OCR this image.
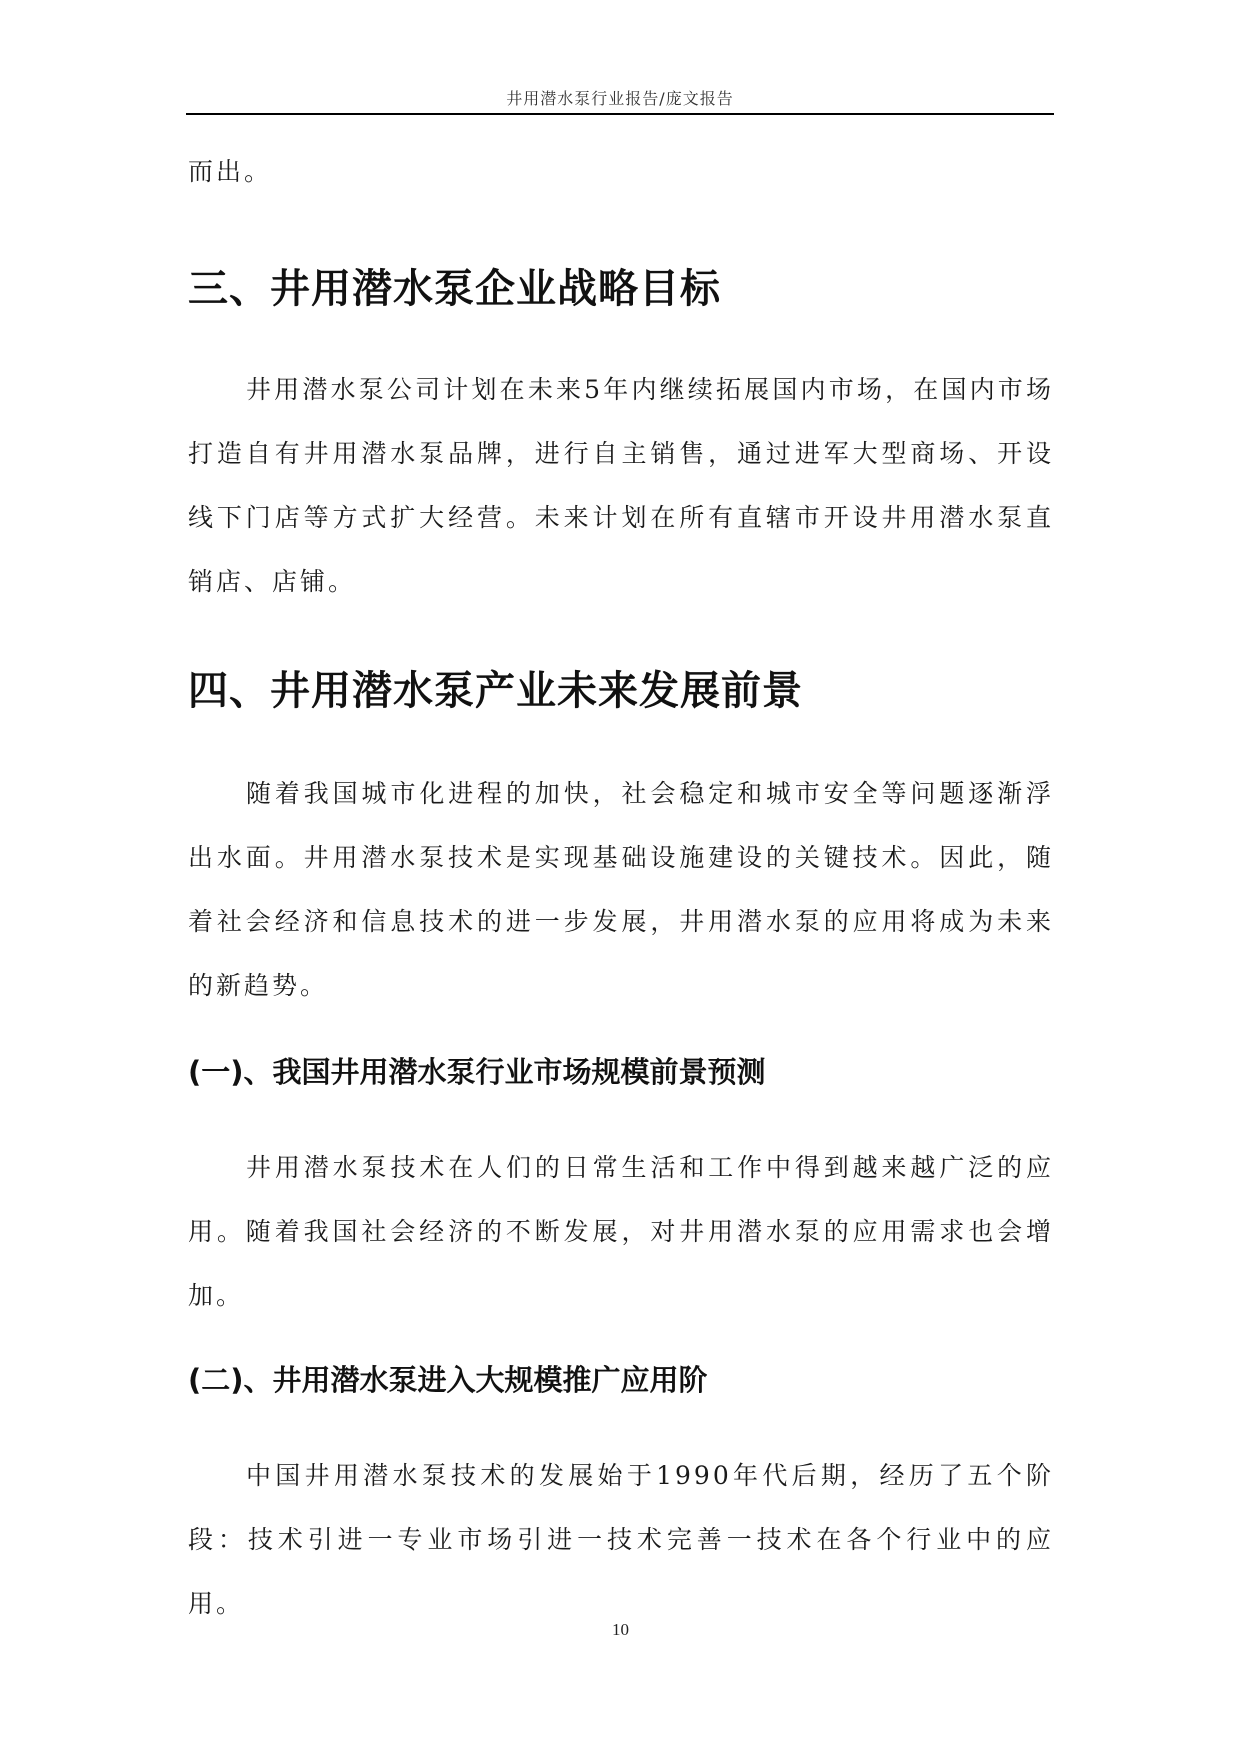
井用潜水泵行业报告/庞文报告

而出。

三、井用潜水泵企业战略目标

井用潜水泵公司计划在未来5年内继续拓展国内市场，在国内市场打造自有井用潜水泵品牌，进行自主销售，通过进军大型商场、开设线下门店等方式扩大经营。未来计划在所有直辖市开设井用潜水泵直销店、店铺。

四、井用潜水泵产业未来发展前景

随着我国城市化进程的加快，社会稳定和城市安全等问题逐渐浮出水面。井用潜水泵技术是实现基础设施建设的关键技术。因此，随着社会经济和信息技术的进一步发展，井用潜水泵的应用将成为未来的新趋势。

(一)、我国井用潜水泵行业市场规模前景预测

井用潜水泵技术在人们的日常生活和工作中得到越来越广泛的应用。随着我国社会经济的不断发展，对井用潜水泵的应用需求也会增加。

(二)、井用潜水泵进入大规模推广应用阶

中国井用潜水泵技术的发展始于1990年代后期，经历了五个阶段：技术引进一专业市场引进一技术完善一技术在各个行业中的应用。

10
